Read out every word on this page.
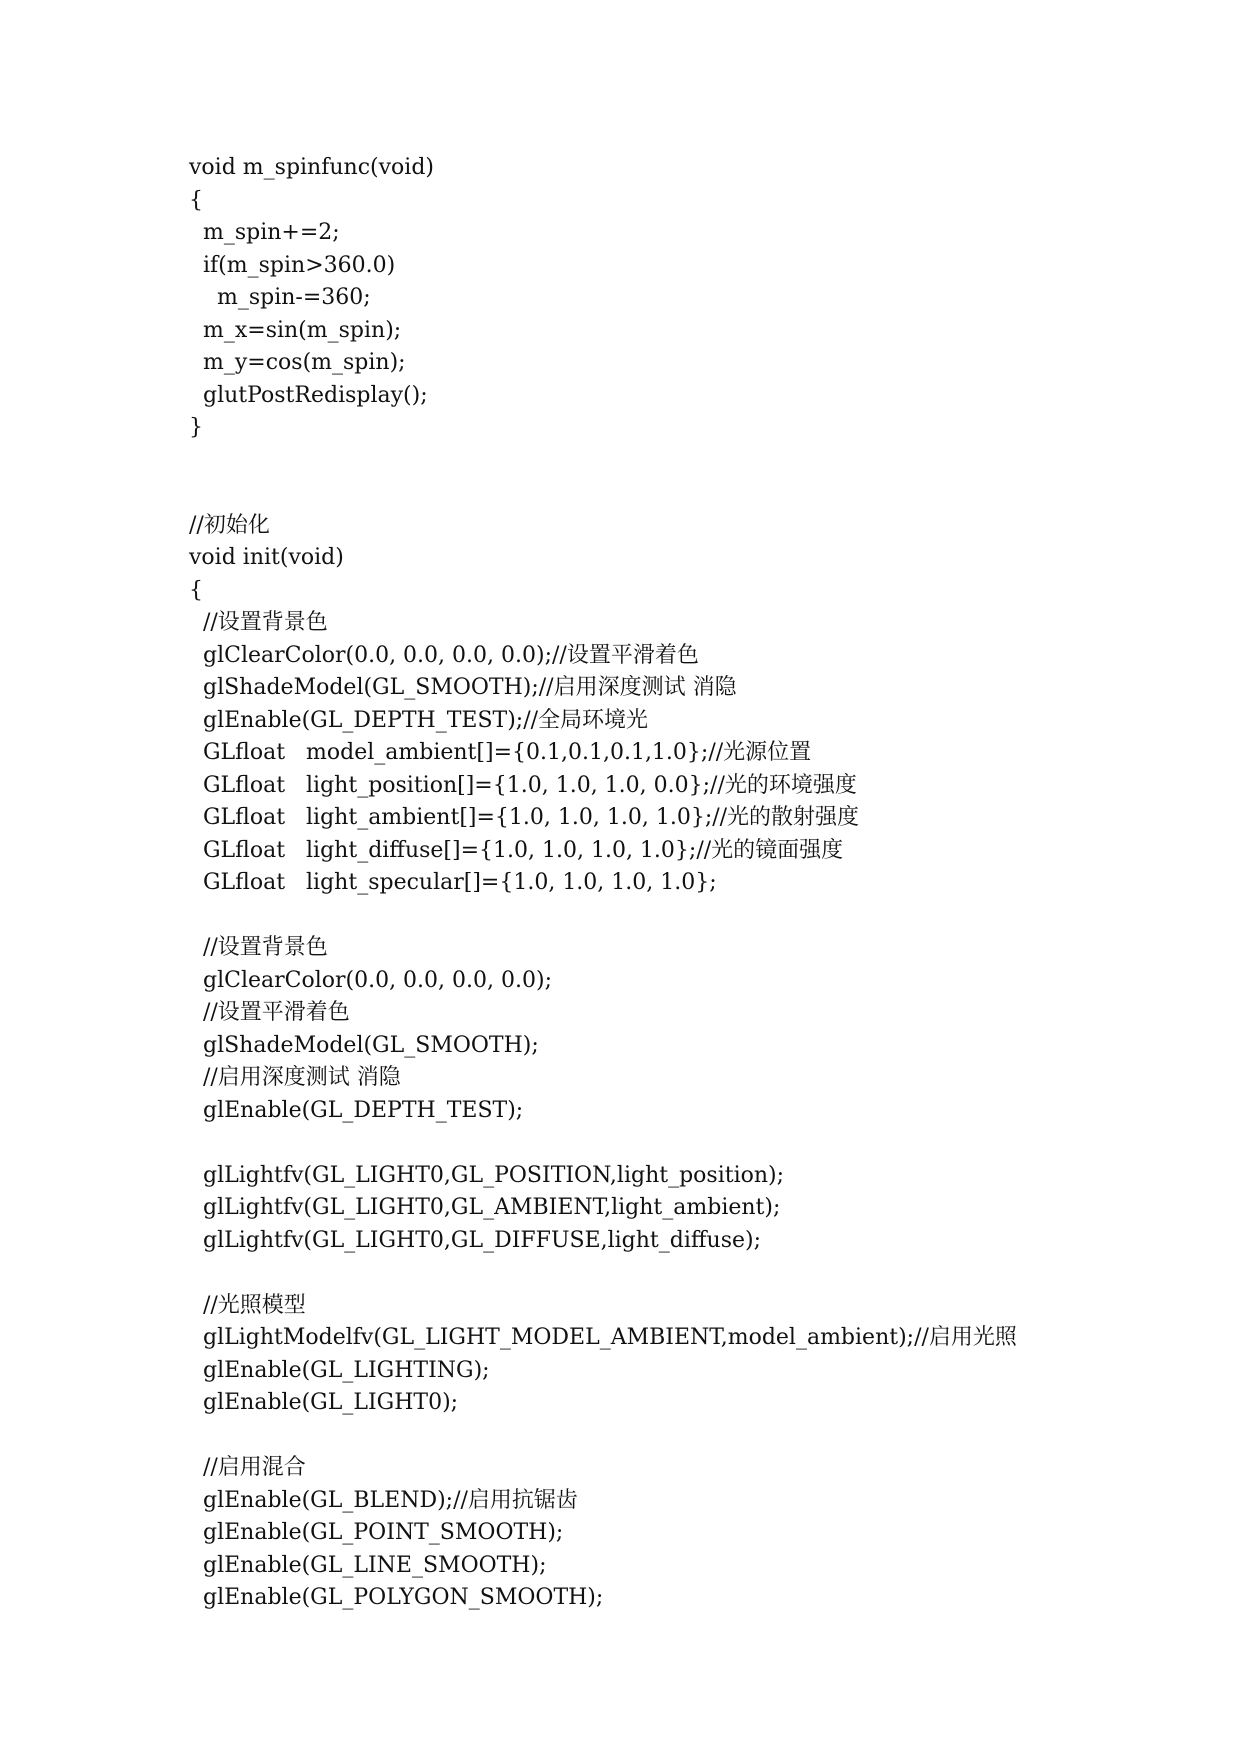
void m_spinfunc(void)
{
m_spin+=2;
if(m_spin>360.0)
m_spin-=360;
m_x=sin(m_spin);
m_y=cos(m_spin);
glutPostRedisplay();
}
//初始化
void init(void)
{
//设置背景色
glClearColor(0.0, 0.0, 0.0, 0.0);//设置平滑着色
glShadeModel(GL_SMOOTH);//启用深度测试 消隐
glEnable(GL_DEPTH_TEST);//全局环境光
GLfloat   model_ambient[]={0.1,0.1,0.1,1.0};//光源位置
GLfloat   light_position[]={1.0, 1.0, 1.0, 0.0};//光的环境强度
GLfloat   light_ambient[]={1.0, 1.0, 1.0, 1.0};//光的散射强度
GLfloat   light_diffuse[]={1.0, 1.0, 1.0, 1.0};//光的镜面强度
GLfloat   light_specular[]={1.0, 1.0, 1.0, 1.0};
//设置背景色
glClearColor(0.0, 0.0, 0.0, 0.0);
//设置平滑着色
glShadeModel(GL_SMOOTH);
//启用深度测试 消隐
glEnable(GL_DEPTH_TEST);
glLightfv(GL_LIGHT0,GL_POSITION,light_position);
glLightfv(GL_LIGHT0,GL_AMBIENT,light_ambient);
glLightfv(GL_LIGHT0,GL_DIFFUSE,light_diffuse);
//光照模型
glLightModelfv(GL_LIGHT_MODEL_AMBIENT,model_ambient);//启用光照
glEnable(GL_LIGHTING);
glEnable(GL_LIGHT0);
//启用混合
glEnable(GL_BLEND);//启用抗锯齿
glEnable(GL_POINT_SMOOTH);
glEnable(GL_LINE_SMOOTH);
glEnable(GL_POLYGON_SMOOTH);
